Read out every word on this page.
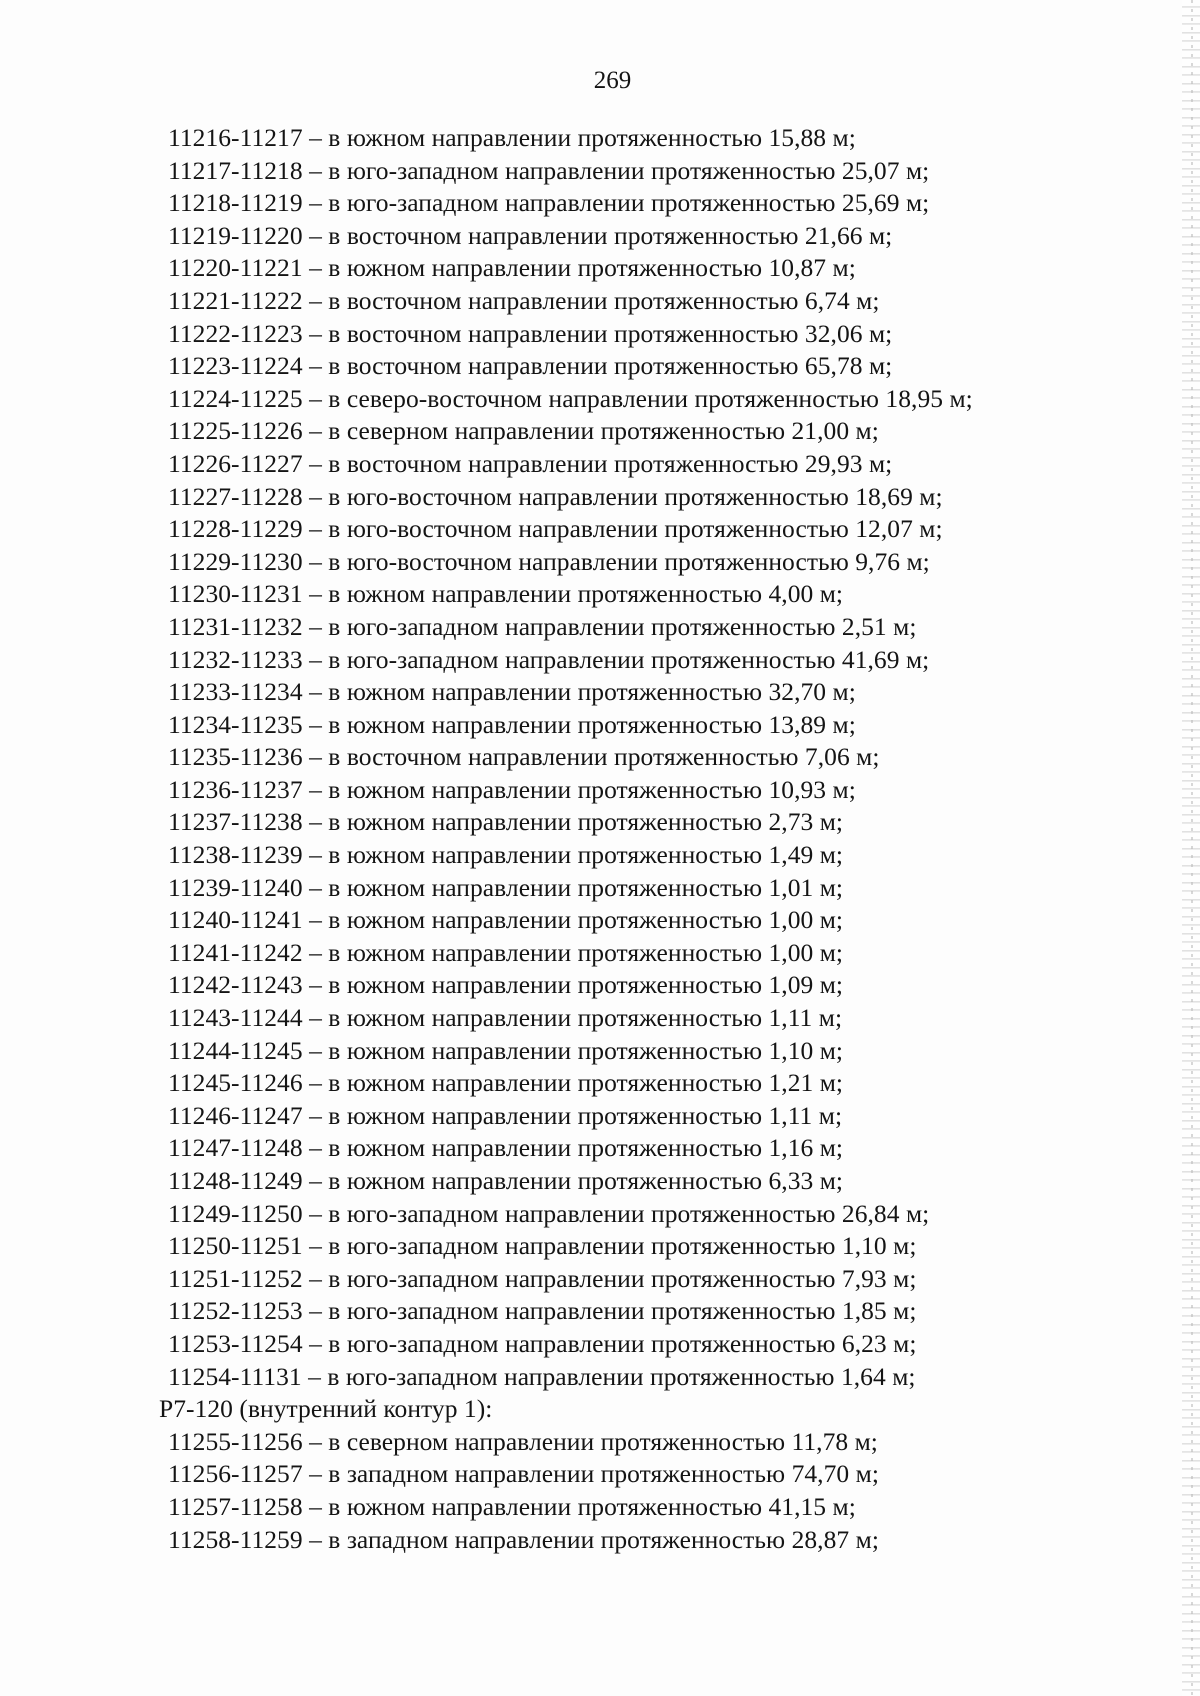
269
11216-11217 – в южном направлении протяженностью 15,88 м;
11217-11218 – в юго-западном направлении протяженностью 25,07 м;
11218-11219 – в юго-западном направлении протяженностью 25,69 м;
11219-11220 – в восточном направлении протяженностью 21,66 м;
11220-11221 – в южном направлении протяженностью 10,87 м;
11221-11222 – в восточном направлении протяженностью 6,74 м;
11222-11223 – в восточном направлении протяженностью 32,06 м;
11223-11224 – в восточном направлении протяженностью 65,78 м;
11224-11225 – в северо-восточном направлении протяженностью 18,95 м;
11225-11226 – в северном направлении протяженностью 21,00 м;
11226-11227 – в восточном направлении протяженностью 29,93 м;
11227-11228 – в юго-восточном направлении протяженностью 18,69 м;
11228-11229 – в юго-восточном направлении протяженностью 12,07 м;
11229-11230 – в юго-восточном направлении протяженностью 9,76 м;
11230-11231 – в южном направлении протяженностью 4,00 м;
11231-11232 – в юго-западном направлении протяженностью 2,51 м;
11232-11233 – в юго-западном направлении протяженностью 41,69 м;
11233-11234 – в южном направлении протяженностью 32,70 м;
11234-11235 – в южном направлении протяженностью 13,89 м;
11235-11236 – в восточном направлении протяженностью 7,06 м;
11236-11237 – в южном направлении протяженностью 10,93 м;
11237-11238 – в южном направлении протяженностью 2,73 м;
11238-11239 – в южном направлении протяженностью 1,49 м;
11239-11240 – в южном направлении протяженностью 1,01 м;
11240-11241 – в южном направлении протяженностью 1,00 м;
11241-11242 – в южном направлении протяженностью 1,00 м;
11242-11243 – в южном направлении протяженностью 1,09 м;
11243-11244 – в южном направлении протяженностью 1,11 м;
11244-11245 – в южном направлении протяженностью 1,10 м;
11245-11246 – в южном направлении протяженностью 1,21 м;
11246-11247 – в южном направлении протяженностью 1,11 м;
11247-11248 – в южном направлении протяженностью 1,16 м;
11248-11249 – в южном направлении протяженностью 6,33 м;
11249-11250 – в юго-западном направлении протяженностью 26,84 м;
11250-11251 – в юго-западном направлении протяженностью 1,10 м;
11251-11252 – в юго-западном направлении протяженностью 7,93 м;
11252-11253 – в юго-западном направлении протяженностью 1,85 м;
11253-11254 – в юго-западном направлении протяженностью 6,23 м;
11254-11131 – в юго-западном направлении протяженностью 1,64 м;
Р7-120 (внутренний контур 1):
11255-11256 – в северном направлении протяженностью 11,78 м;
11256-11257 – в западном направлении протяженностью 74,70 м;
11257-11258 – в южном направлении протяженностью 41,15 м;
11258-11259 – в западном направлении протяженностью 28,87 м;
